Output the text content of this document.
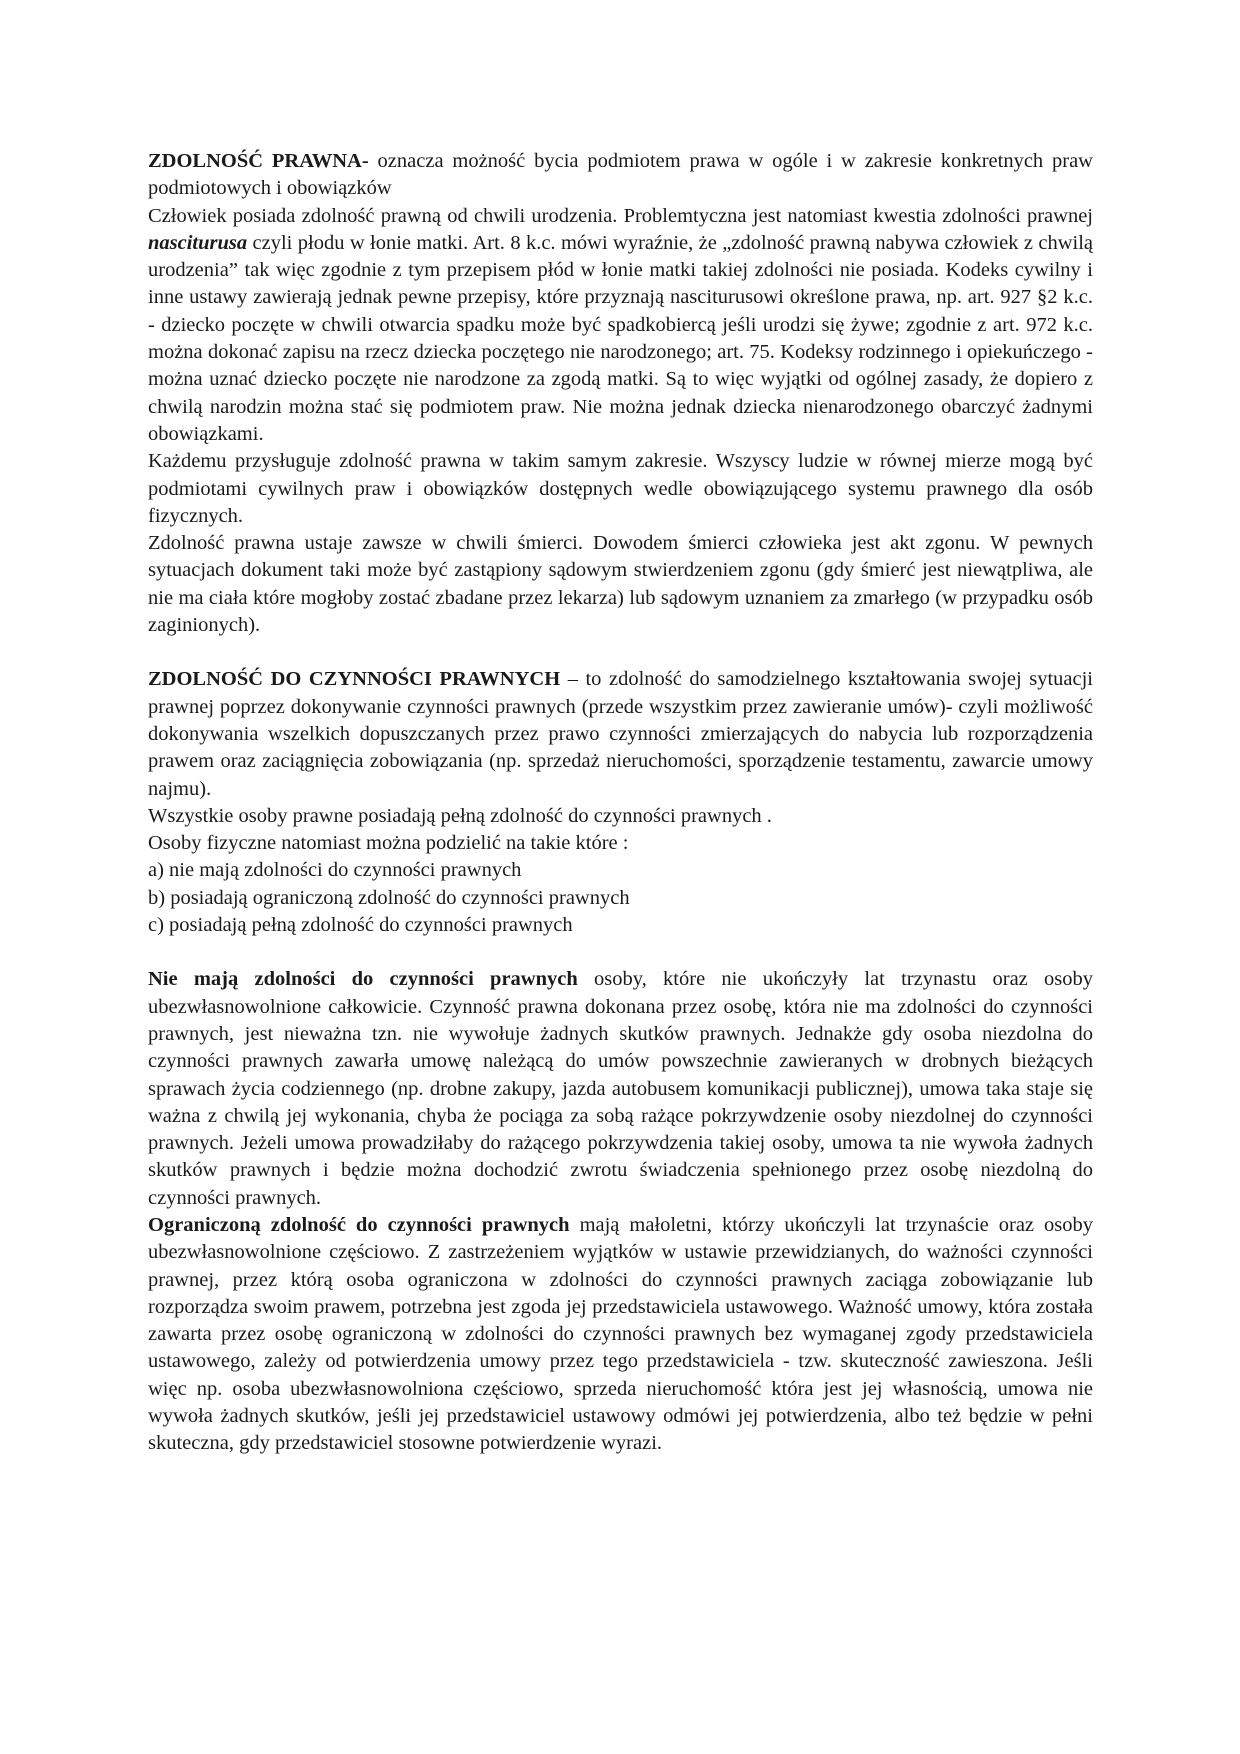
ZDOLNOŚĆ PRAWNA- oznacza możność bycia podmiotem prawa w ogóle i w zakresie konkretnych praw podmiotowych i obowiązków

Człowiek posiada zdolność prawną od chwili urodzenia. Problemtyczna jest natomiast kwestia zdolności prawnej nasciturusa czyli płodu w łonie matki. Art. 8 k.c. mówi wyraźnie, że „zdolność prawną nabywa człowiek z chwilą urodzenia” tak więc zgodnie z tym przepisem płód w łonie matki takiej zdolności nie posiada. Kodeks cywilny i inne ustawy zawierają jednak pewne przepisy, które przyznają nasciturusowi określone prawa, np. art. 927 §2 k.c. - dziecko poczęte w chwili otwarcia spadku może być spadkobiercą jeśli urodzi się żywe; zgodnie z art. 972 k.c. można dokonać zapisu na rzecz dziecka poczętego nie narodzonego; art. 75. Kodeksy rodzinnego i opiekuńczego - można uznać dziecko poczęte nie narodzone za zgodą matki. Są to więc wyjątki od ogólnej zasady, że dopiero z chwilą narodzin można stać się podmiotem praw. Nie można jednak dziecka nienarodzonego obarczyć żadnymi obowiązkami.

Każdemu przysługuje zdolność prawna w takim samym zakresie. Wszyscy ludzie w równej mierze mogą być podmiotami cywilnych praw i obowiązków dostępnych wedle obowiązującego systemu prawnego dla osób fizycznych.

Zdolność prawna ustaje zawsze w chwili śmierci. Dowodem śmierci człowieka jest akt zgonu. W pewnych sytuacjach dokument taki może być zastąpiony sądowym stwierdzeniem zgonu (gdy śmierć jest niewątpliwa, ale nie ma ciała które mogłoby zostać zbadane przez lekarza) lub sądowym uznaniem za zmarłego (w przypadku osób zaginionych).

ZDOLNOŚĆ DO CZYNNOŚCI PRAWNYCH – to zdolność do samodzielnego kształtowania swojej sytuacji prawnej poprzez dokonywanie czynności prawnych (przede wszystkim przez zawieranie umów)- czyli możliwość dokonywania wszelkich dopuszczanych przez prawo czynności zmierzających do nabycia lub rozporządzenia prawem oraz zaciągnięcia zobowiązania (np. sprzedaż nieruchomości, sporządzenie testamentu, zawarcie umowy najmu).

Wszystkie osoby prawne posiadają pełną zdolność do czynności prawnych .

Osoby fizyczne natomiast można podzielić na takie które :

a) nie mają zdolności do czynności prawnych

b) posiadają ograniczoną zdolność do czynności prawnych

c) posiadają pełną zdolność do czynności prawnych

Nie mają zdolności do czynności prawnych osoby, które nie ukończyły lat trzynastu oraz osoby ubezwłasnowolnione całkowicie. Czynność prawna dokonana przez osobę, która nie ma zdolności do czynności prawnych, jest nieważna tzn. nie wywołuje żadnych skutków prawnych. Jednakże gdy osoba niezdolna do czynności prawnych zawarła umowę należącą do umów powszechnie zawieranych w drobnych bieżących sprawach życia codziennego (np. drobne zakupy, jazda autobusem komunikacji publicznej), umowa taka staje się ważna z chwilą jej wykonania, chyba że pociąga za sobą rażące pokrzywdzenie osoby niezdolnej do czynności prawnych. Jeżeli umowa prowadziłaby do rażącego pokrzywdzenia takiej osoby, umowa ta nie wywoła żadnych skutków prawnych i będzie można dochodzić zwrotu świadczenia spełnionego przez osobę niezdolną do czynności prawnych.

Ograniczoną zdolność do czynności prawnych mają małoletni, którzy ukończyli lat trzynaście oraz osoby ubezwłasnowolnione częściowo. Z zastrzeżeniem wyjątków w ustawie przewidzianych, do ważności czynności prawnej, przez którą osoba ograniczona w zdolności do czynności prawnych zaciąga zobowiązanie lub rozporządza swoim prawem, potrzebna jest zgoda jej przedstawiciela ustawowego. Ważność umowy, która została zawarta przez osobę ograniczoną w zdolności do czynności prawnych bez wymaganej zgody przedstawiciela ustawowego, zależy od potwierdzenia umowy przez tego przedstawiciela - tzw. skuteczność zawieszona. Jeśli więc np. osoba ubezwłasnowolniona częściowo, sprzeda nieruchomość która jest jej własnością, umowa nie wywoła żadnych skutków, jeśli jej przedstawiciel ustawowy odmówi jej potwierdzenia, albo też będzie w pełni skuteczna, gdy przedstawiciel stosowne potwierdzenie wyrazi.
